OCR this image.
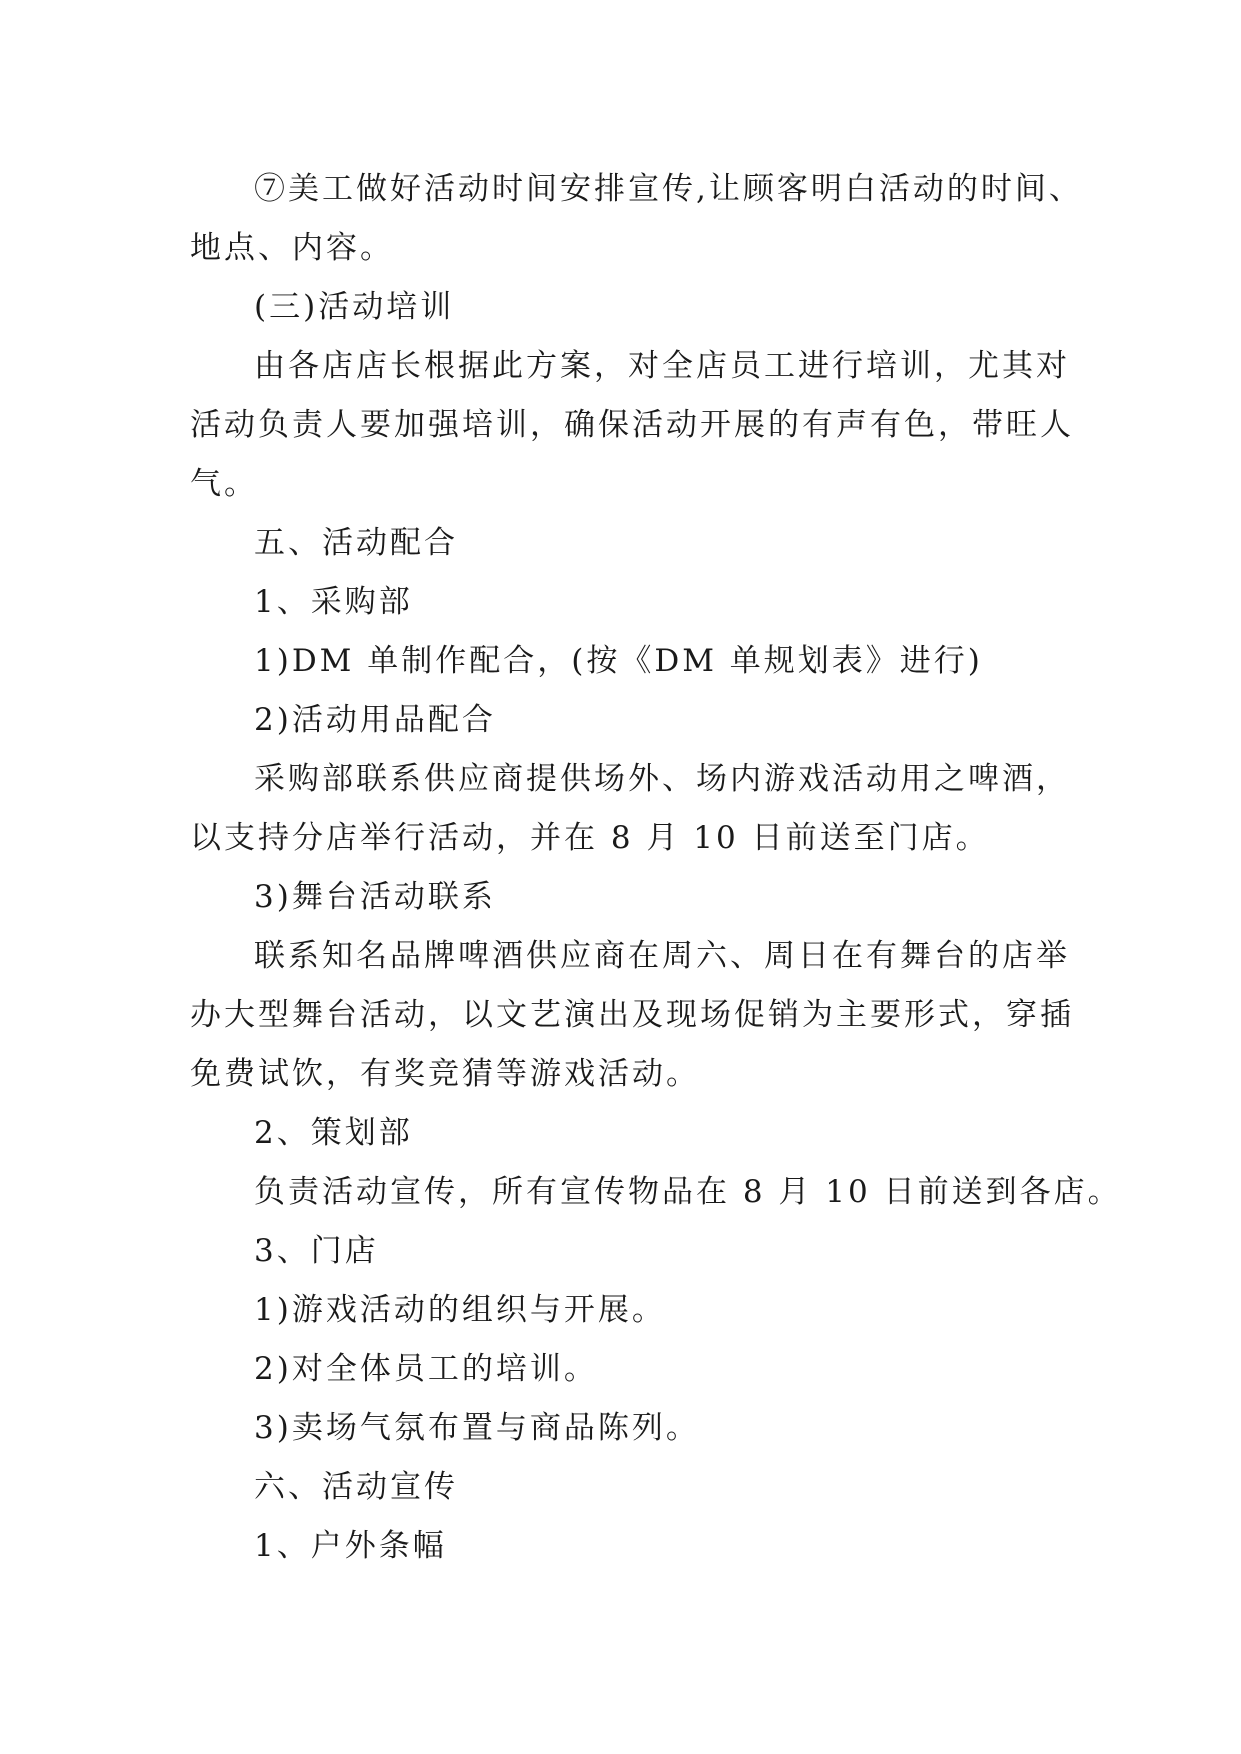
⑦美工做好活动时间安排宣传,让顾客明白活动的时间、
地点、内容。
(三)活动培训
由各店店长根据此方案，对全店员工进行培训，尤其对
活动负责人要加强培训，确保活动开展的有声有色，带旺人
气。
五、活动配合
1、采购部
1)DM 单制作配合，(按《DM 单规划表》进行)
2)活动用品配合
采购部联系供应商提供场外、场内游戏活动用之啤酒，
以支持分店举行活动，并在 8 月 10 日前送至门店。
3)舞台活动联系
联系知名品牌啤酒供应商在周六、周日在有舞台的店举
办大型舞台活动，以文艺演出及现场促销为主要形式，穿插
免费试饮，有奖竞猜等游戏活动。
2、策划部
负责活动宣传，所有宣传物品在 8 月 10 日前送到各店。
3、门店
1)游戏活动的组织与开展。
2)对全体员工的培训。
3)卖场气氛布置与商品陈列。
六、活动宣传
1、户外条幅
